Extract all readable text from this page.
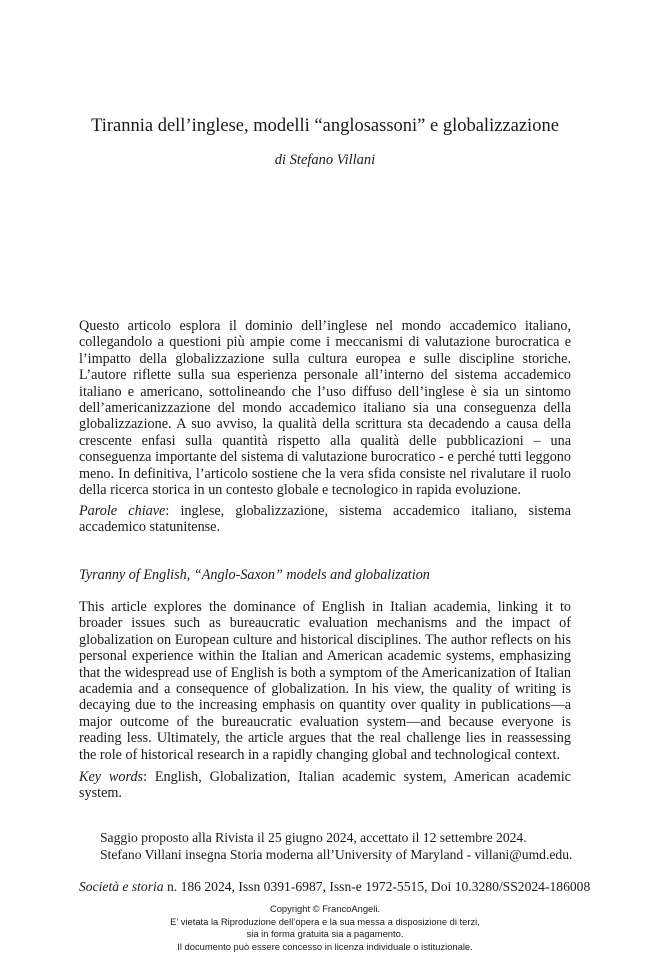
Tirannia dell’inglese, modelli “anglosassoni” e globalizzazione
di Stefano Villani

Questo articolo esplora il dominio dell’inglese nel mondo accademico italiano, collegandolo a questioni più ampie come i meccanismi di valutazione burocratica e l’impatto della globalizzazione sulla cultura europea e sulle discipline storiche. L’autore riflette sulla sua esperienza personale all’interno del sistema accademico italiano e americano, sottolineando che l’uso diffuso dell’inglese è sia un sintomo dell’americanizzazione del mondo accademico italiano sia una conseguenza della globalizzazione. A suo avviso, la qualità della scrittura sta decadendo a causa della crescente enfasi sulla quantità rispetto alla qualità delle pubblicazioni – una conseguenza importante del sistema di valutazione burocratico - e perché tutti leggono meno. In definitiva, l’articolo sostiene che la vera sfida consiste nel rivalutare il ruolo della ricerca storica in un contesto globale e tecnologico in rapida evoluzione.

Parole chiave: inglese, globalizzazione, sistema accademico italiano, sistema accademico statunitense.

Tyranny of English, “Anglo-Saxon” models and globalization

This article explores the dominance of English in Italian academia, linking it to broader issues such as bureaucratic evaluation mechanisms and the impact of globalization on European culture and historical disciplines. The author reflects on his personal experience within the Italian and American academic systems, emphasizing that the widespread use of English is both a symptom of the Americanization of Italian academia and a consequence of globalization. In his view, the quality of writing is decaying due to the increasing emphasis on quantity over quality in publications—a major outcome of the bureaucratic evaluation system—and because everyone is reading less. Ultimately, the article argues that the real challenge lies in reassessing the role of historical research in a rapidly changing global and technological context.

Key words: English, Globalization, Italian academic system, American academic system.

Saggio proposto alla Rivista il 25 giugno 2024, accettato il 12 settembre 2024.
Stefano Villani insegna Storia moderna all’University of Maryland - villani@umd.edu.
Società e storia n. 186 2024, Issn 0391-6987, Issn-e 1972-5515, Doi 10.3280/SS2024-186008
Copyright © FrancoAngeli.
E’ vietata la Riproduzione dell’opera e la sua messa a disposizione di terzi,
sia in forma gratuita sia a pagamento.
Il documento può essere concesso in licenza individuale o istituzionale.
